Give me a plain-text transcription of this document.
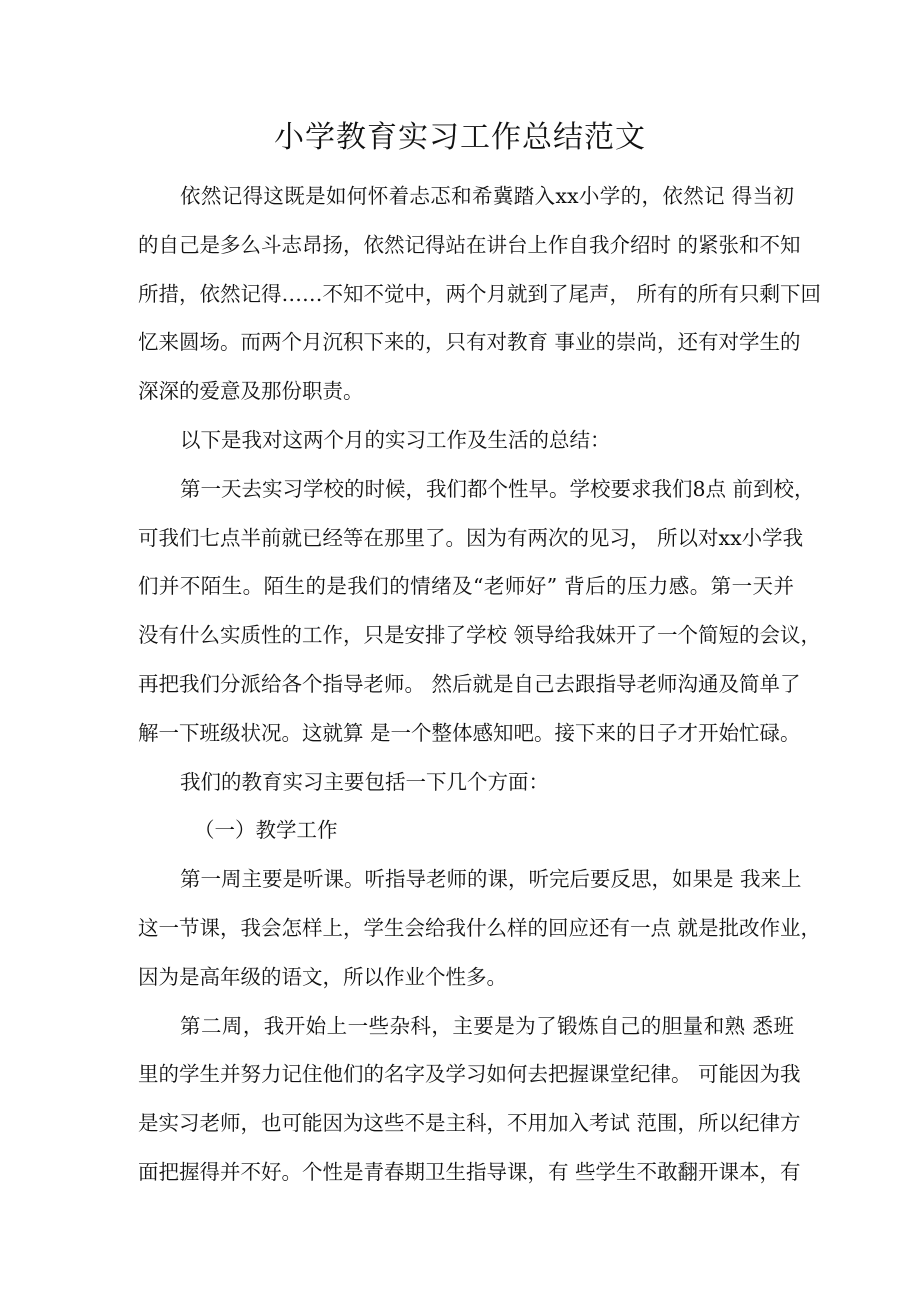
小学教育实习工作总结范文
依然记得这既是如何怀着忐忑和希冀踏入xx小学的，依然记 得当初
的自己是多么斗志昂扬，依然记得站在讲台上作自我介绍时 的紧张和不知
所措，依然记得……不知不觉中，两个月就到了尾声， 所有的所有只剩下回
忆来圆场。而两个月沉积下来的，只有对教育 事业的崇尚，还有对学生的
深深的爱意及那份职责。
以下是我对这两个月的实习工作及生活的总结：
第一天去实习学校的时候，我们都个性早。学校要求我们8点 前到校，
可我们七点半前就已经等在那里了。因为有两次的见习， 所以对xx小学我
们并不陌生。陌生的是我们的情绪及“老师好” 背后的压力感。第一天并
没有什么实质性的工作，只是安排了学校 领导给我妹开了一个简短的会议，
再把我们分派给各个指导老师。 然后就是自己去跟指导老师沟通及简单了
解一下班级状况。这就算 是一个整体感知吧。接下来的日子才开始忙碌。
我们的教育实习主要包括一下几个方面：
（一）教学工作
第一周主要是听课。听指导老师的课，听完后要反思，如果是 我来上
这一节课，我会怎样上，学生会给我什么样的回应还有一点 就是批改作业，
因为是高年级的语文，所以作业个性多。
第二周，我开始上一些杂科，主要是为了锻炼自己的胆量和熟 悉班
里的学生并努力记住他们的名字及学习如何去把握课堂纪律。 可能因为我
是实习老师，也可能因为这些不是主科，不用加入考试 范围，所以纪律方
面把握得并不好。个性是青春期卫生指导课，有 些学生不敢翻开课本，有
